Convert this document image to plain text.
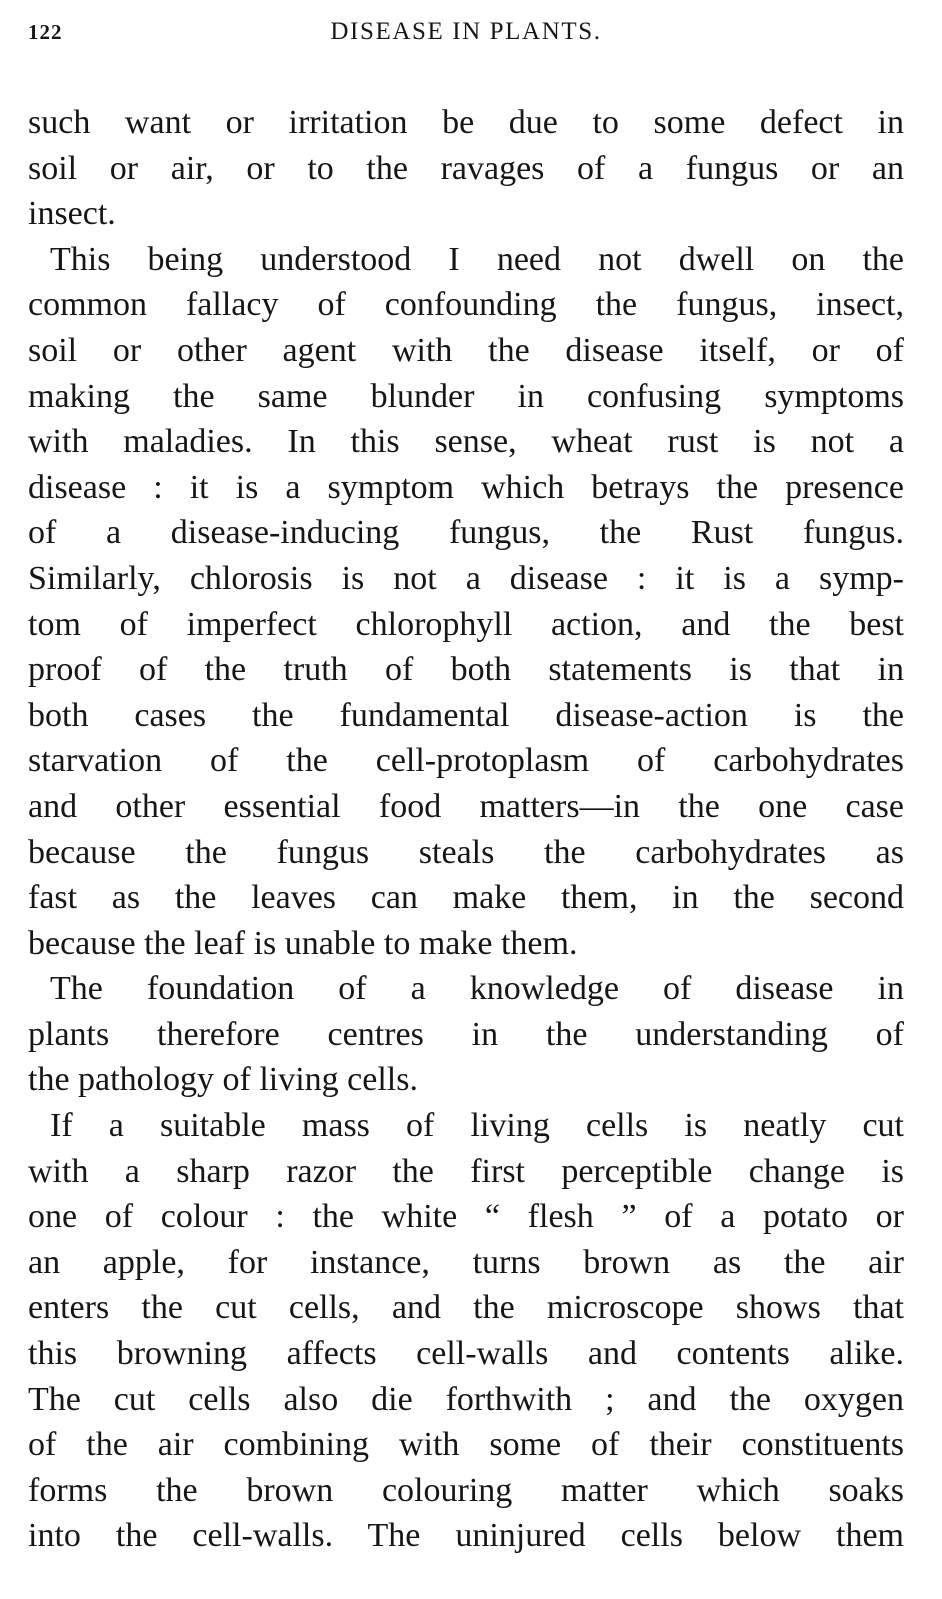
122	DISEASE IN PLANTS.
such want or irritation be due to some defect in
soil or air, or to the ravages of a fungus or an
insect.
This being understood I need not dwell on the
common fallacy of confounding the fungus, insect,
soil or other agent with the disease itself, or of
making the same blunder in confusing symptoms
with maladies. In this sense, wheat rust is not a
disease : it is a symptom which betrays the presence
of a disease-inducing fungus, the Rust fungus.
Similarly, chlorosis is not a disease : it is a symp-
tom of imperfect chlorophyll action, and the best
proof of the truth of both statements is that in
both cases the fundamental disease-action is the
starvation of the cell-protoplasm of carbohydrates
and other essential food matters—in the one case
because the fungus steals the carbohydrates as
fast as the leaves can make them, in the second
because the leaf is unable to make them.
The foundation of a knowledge of disease in
plants therefore centres in the understanding of
the pathology of living cells.
If a suitable mass of living cells is neatly cut
with a sharp razor the first perceptible change is
one of colour : the white “ flesh ” of a potato or
an apple, for instance, turns brown as the air
enters the cut cells, and the microscope shows that
this browning affects cell-walls and contents alike.
The cut cells also die forthwith ; and the oxygen
of the air combining with some of their constituents
forms the brown colouring matter which soaks
into the cell-walls. The uninjured cells below them
